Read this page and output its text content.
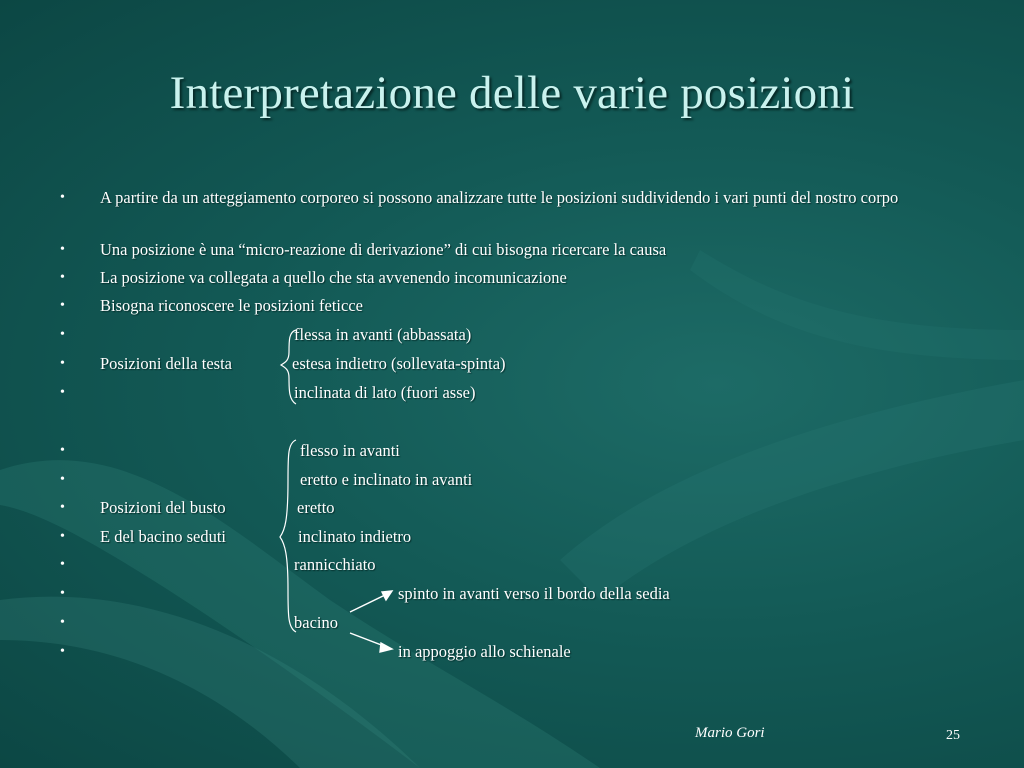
Interpretazione delle varie posizioni
• A partire da un atteggiamento corporeo si possono analizzare tutte le posizioni suddividendo i vari punti del nostro corpo
• Una posizione è una “micro-reazione di derivazione” di cui bisogna ricercare la causa
• La posizione va collegata a quello che sta avvenendo incomunicazione
• Bisogna riconoscere le posizioni feticce
•	flessa in avanti (abbassata)
• Posizioni della testa	estesa indietro (sollevata-spinta)
•	inclinata di lato (fuori asse)
•	flesso in avanti
•	eretto e inclinato in avanti
• Posizioni del busto	eretto
• E del bacino seduti	inclinato indietro
•	rannicchiato
•	spinto in avanti verso il bordo della sedia
•	bacino
•	in appoggio allo schienale
Mario Gori	25
